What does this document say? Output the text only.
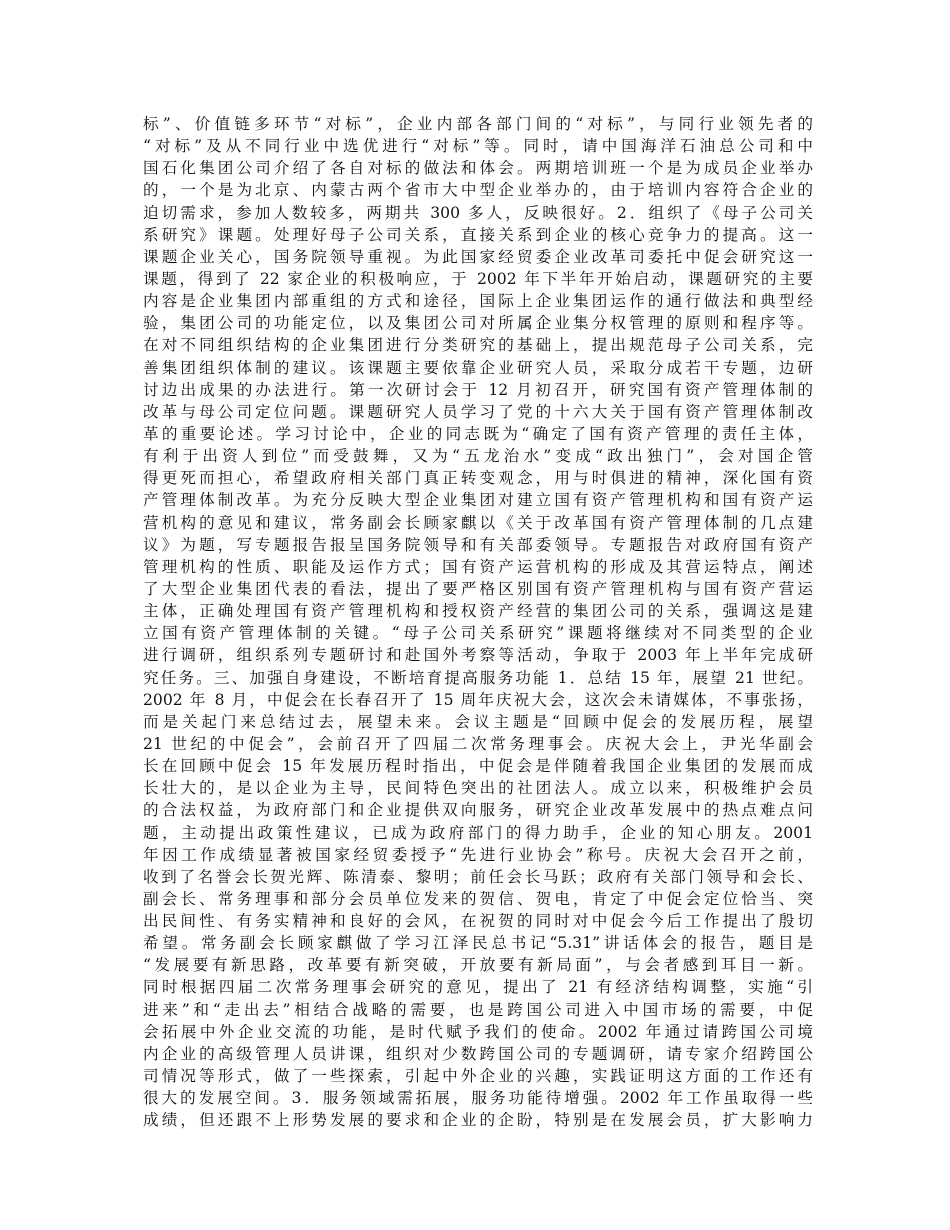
标”、价值链多环节“对标”，企业内部各部门间的“对标”，与同行业领先者的
“对标”及从不同行业中选优进行“对标”等。同时，请中国海洋石油总公司和中
国石化集团公司介绍了各自对标的做法和体会。两期培训班一个是为成员企业举办
的，一个是为北京、内蒙古两个省市大中型企业举办的，由于培训内容符合企业的
迫切需求，参加人数较多，两期共 300 多人，反映很好。2．组织了《母子公司关
系研究》课题。处理好母子公司关系，直接关系到企业的核心竞争力的提高。这一
课题企业关心，国务院领导重视。为此国家经贸委企业改革司委托中促会研究这一
课题，得到了 22 家企业的积极响应，于 2002 年下半年开始启动，课题研究的主要
内容是企业集团内部重组的方式和途径，国际上企业集团运作的通行做法和典型经
验，集团公司的功能定位，以及集团公司对所属企业集分权管理的原则和程序等。
在对不同组织结构的企业集团进行分类研究的基础上，提出规范母子公司关系，完
善集团组织体制的建议。该课题主要依靠企业研究人员，采取分成若干专题，边研
讨边出成果的办法进行。第一次研讨会于 12 月初召开，研究国有资产管理体制的
改革与母公司定位问题。课题研究人员学习了党的十六大关于国有资产管理体制改
革的重要论述。学习讨论中，企业的同志既为“确定了国有资产管理的责任主体，
有利于出资人到位”而受鼓舞，又为“五龙治水”变成“政出独门”，会对国企管
得更死而担心，希望政府相关部门真正转变观念，用与时俱进的精神，深化国有资
产管理体制改革。为充分反映大型企业集团对建立国有资产管理机构和国有资产运
营机构的意见和建议，常务副会长顾家麒以《关于改革国有资产管理体制的几点建
议》为题，写专题报告报呈国务院领导和有关部委领导。专题报告对政府国有资产
管理机构的性质、职能及运作方式；国有资产运营机构的形成及其营运特点，阐述
了大型企业集团代表的看法，提出了要严格区别国有资产管理机构与国有资产营运
主体，正确处理国有资产管理机构和授权资产经营的集团公司的关系，强调这是建
立国有资产管理体制的关键。“母子公司关系研究”课题将继续对不同类型的企业
进行调研，组织系列专题研讨和赴国外考察等活动，争取于 2003 年上半年完成研
究任务。三、加强自身建设，不断培育提高服务功能 1．总结 15 年，展望 21 世纪。
2002 年 8 月，中促会在长春召开了 15 周年庆祝大会，这次会未请媒体，不事张扬，
而是关起门来总结过去，展望未来。会议主题是“回顾中促会的发展历程，展望
21 世纪的中促会”，会前召开了四届二次常务理事会。庆祝大会上，尹光华副会
长在回顾中促会 15 年发展历程时指出，中促会是伴随着我国企业集团的发展而成
长壮大的，是以企业为主导，民间特色突出的社团法人。成立以来，积极维护会员
的合法权益，为政府部门和企业提供双向服务，研究企业改革发展中的热点难点问
题，主动提出政策性建议，已成为政府部门的得力助手，企业的知心朋友。2001
年因工作成绩显著被国家经贸委授予“先进行业协会”称号。庆祝大会召开之前，
收到了名誉会长贺光辉、陈清泰、黎明；前任会长马跃；政府有关部门领导和会长、
副会长、常务理事和部分会员单位发来的贺信、贺电，肯定了中促会定位恰当、突
出民间性、有务实精神和良好的会风，在祝贺的同时对中促会今后工作提出了殷切
希望。常务副会长顾家麒做了学习江泽民总书记“5.31”讲话体会的报告，题目是
“发展要有新思路，改革要有新突破，开放要有新局面”，与会者感到耳目一新。
同时根据四届二次常务理事会研究的意见，提出了 21 有经济结构调整，实施“引
进来”和“走出去”相结合战略的需要，也是跨国公司进入中国市场的需要，中促
会拓展中外企业交流的功能，是时代赋予我们的使命。2002 年通过请跨国公司境
内企业的高级管理人员讲课，组织对少数跨国公司的专题调研，请专家介绍跨国公
司情况等形式，做了一些探索，引起中外企业的兴趣，实践证明这方面的工作还有
很大的发展空间。3．服务领域需拓展，服务功能待增强。2002 年工作虽取得一些
成绩，但还跟不上形势发展的要求和企业的企盼，特别是在发展会员，扩大影响力
